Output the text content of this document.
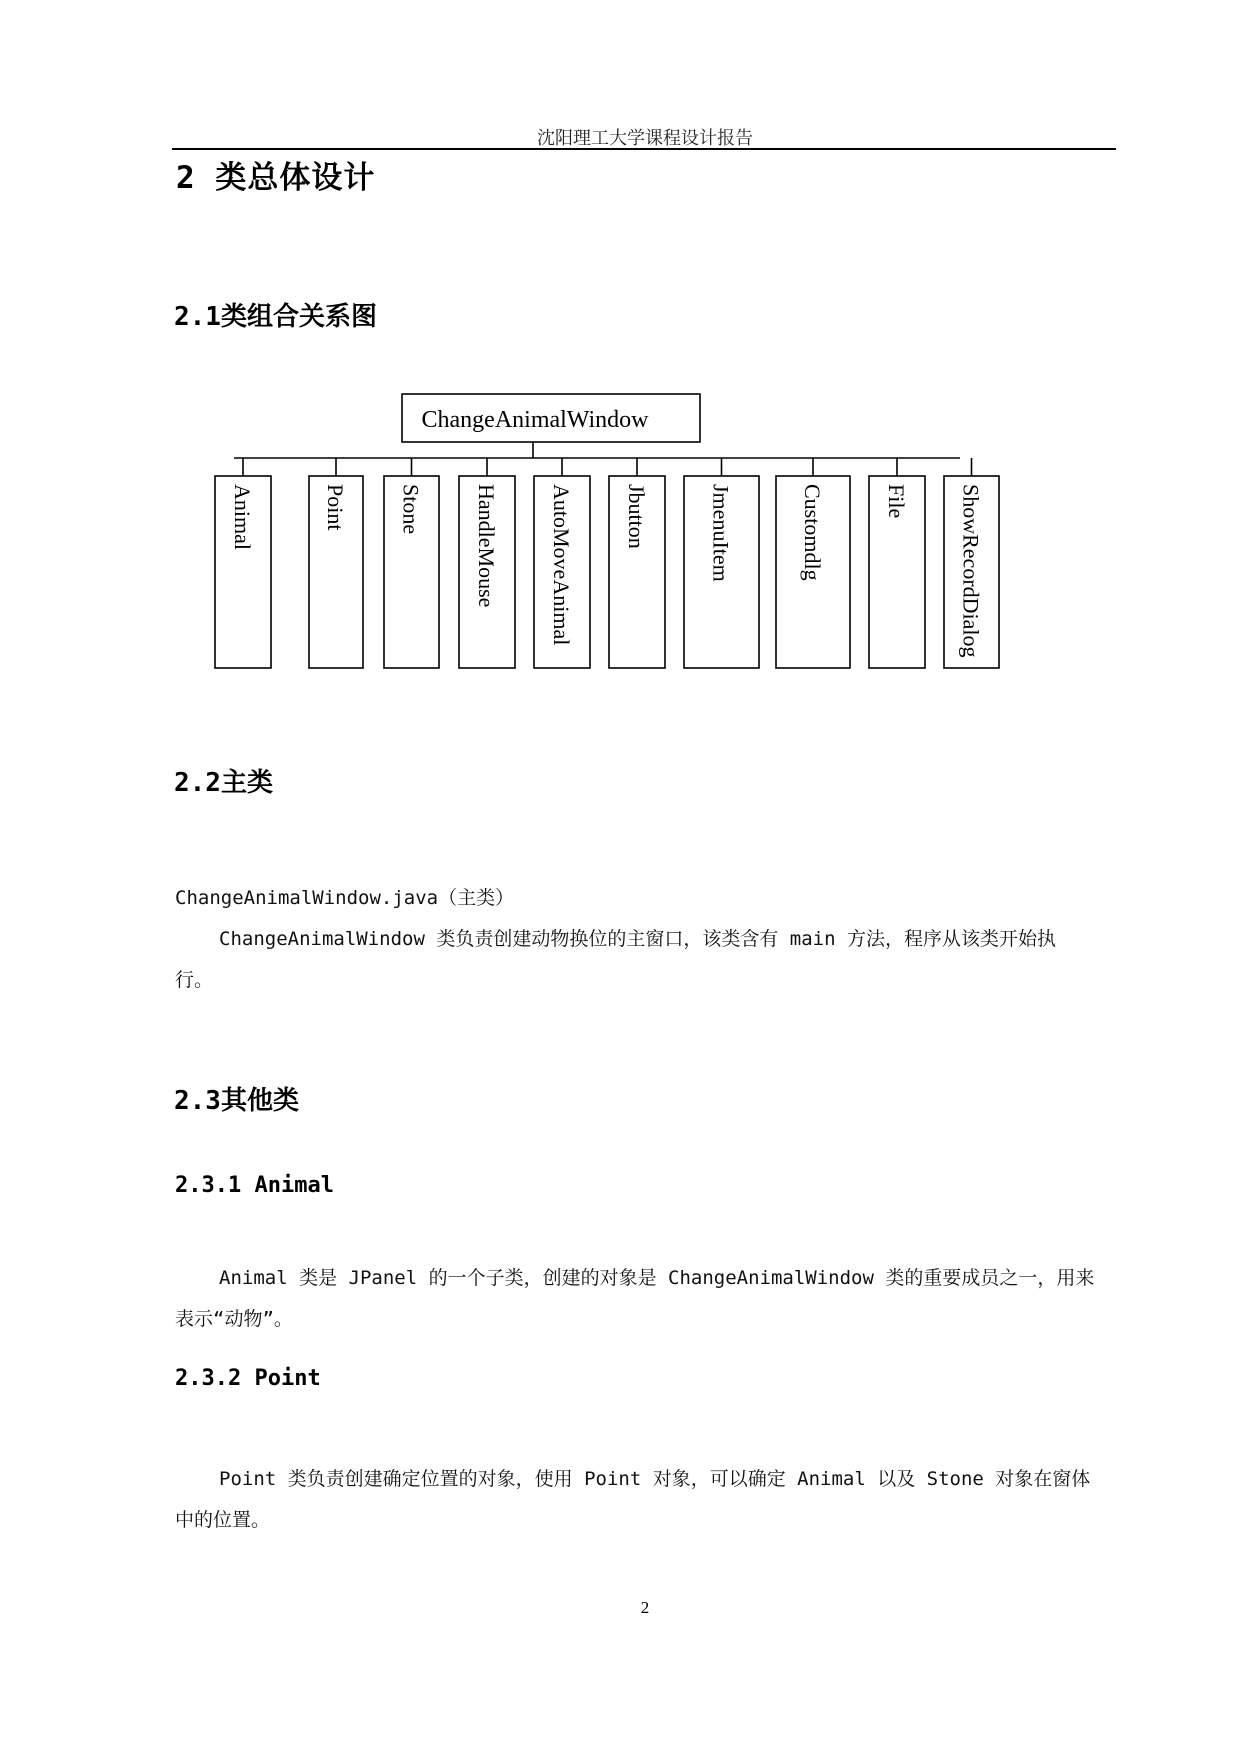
沈阳理工大学课程设计报告
2 类总体设计
2.1类组合关系图
ChangeAnimalWindow
Animal	Point Stone HandleMouse AutoMoveAnimal Jbutton	JmenuItem	Customdlg	File ShowRecordDialog
2.2主类
ChangeAnimalWindow.java（主类）
ChangeAnimalWindow 类负责创建动物换位的主窗口，该类含有 main 方法，程序从该类开始执
行。
2.3其他类
2.3.1 Animal
Animal 类是 JPanel 的一个子类，创建的对象是 ChangeAnimalWindow 类的重要成员之一，用来
表示“动物”。
2.3.2 Point
Point 类负责创建确定位置的对象，使用 Point 对象，可以确定 Animal 以及 Stone 对象在窗体
中的位置。
2
